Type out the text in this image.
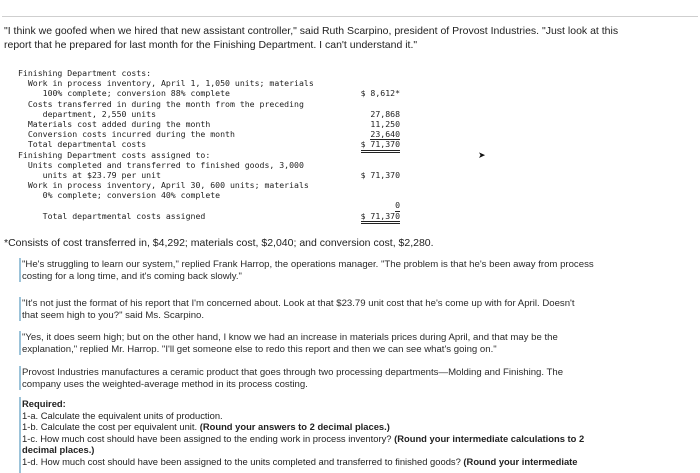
"I think we goofed when we hired that new assistant controller," said Ruth Scarpino, president of Provost Industries. "Just look at this
report that he prepared for last month for the Finishing Department. I can't understand it."
Finishing Department costs:
Work in process inventory, April 1, 1,050 units; materials
100% complete; conversion 88% complete	$ 8,612*
Costs transferred in during the month from the preceding
department, 2,550 units	27,868
Materials cost added during the month	11,250
Conversion costs incurred during the month	23,640
Total departmental costs	$ 71,370
Finishing Department costs assigned to:
Units completed and transferred to finished goods, 3,000
units at $23.79 per unit	$ 71,370
Work in process inventory, April 30, 600 units; materials
0% complete; conversion 40% complete
0
Total departmental costs assigned	$ 71,370
➤
*Consists of cost transferred in, $4,292; materials cost, $2,040; and conversion cost, $2,280.
"He's struggling to learn our system," replied Frank Harrop, the operations manager. "The problem is that he's been away from process
costing for a long time, and it's coming back slowly."
"It's not just the format of his report that I'm concerned about. Look at that $23.79 unit cost that he's come up with for April. Doesn't
that seem high to you?" said Ms. Scarpino.
"Yes, it does seem high; but on the other hand, I know we had an increase in materials prices during April, and that may be the
explanation," replied Mr. Harrop. "I'll get someone else to redo this report and then we can see what's going on."
Provost Industries manufactures a ceramic product that goes through two processing departments—Molding and Finishing. The
company uses the weighted-average method in its process costing.
Required:
1-a. Calculate the equivalent units of production.
1-b. Calculate the cost per equivalent unit. (Round your answers to 2 decimal places.)
1-c. How much cost should have been assigned to the ending work in process inventory? (Round your intermediate calculations to 2
decimal places.)
1-d. How much cost should have been assigned to the units completed and transferred to finished goods? (Round your intermediate
